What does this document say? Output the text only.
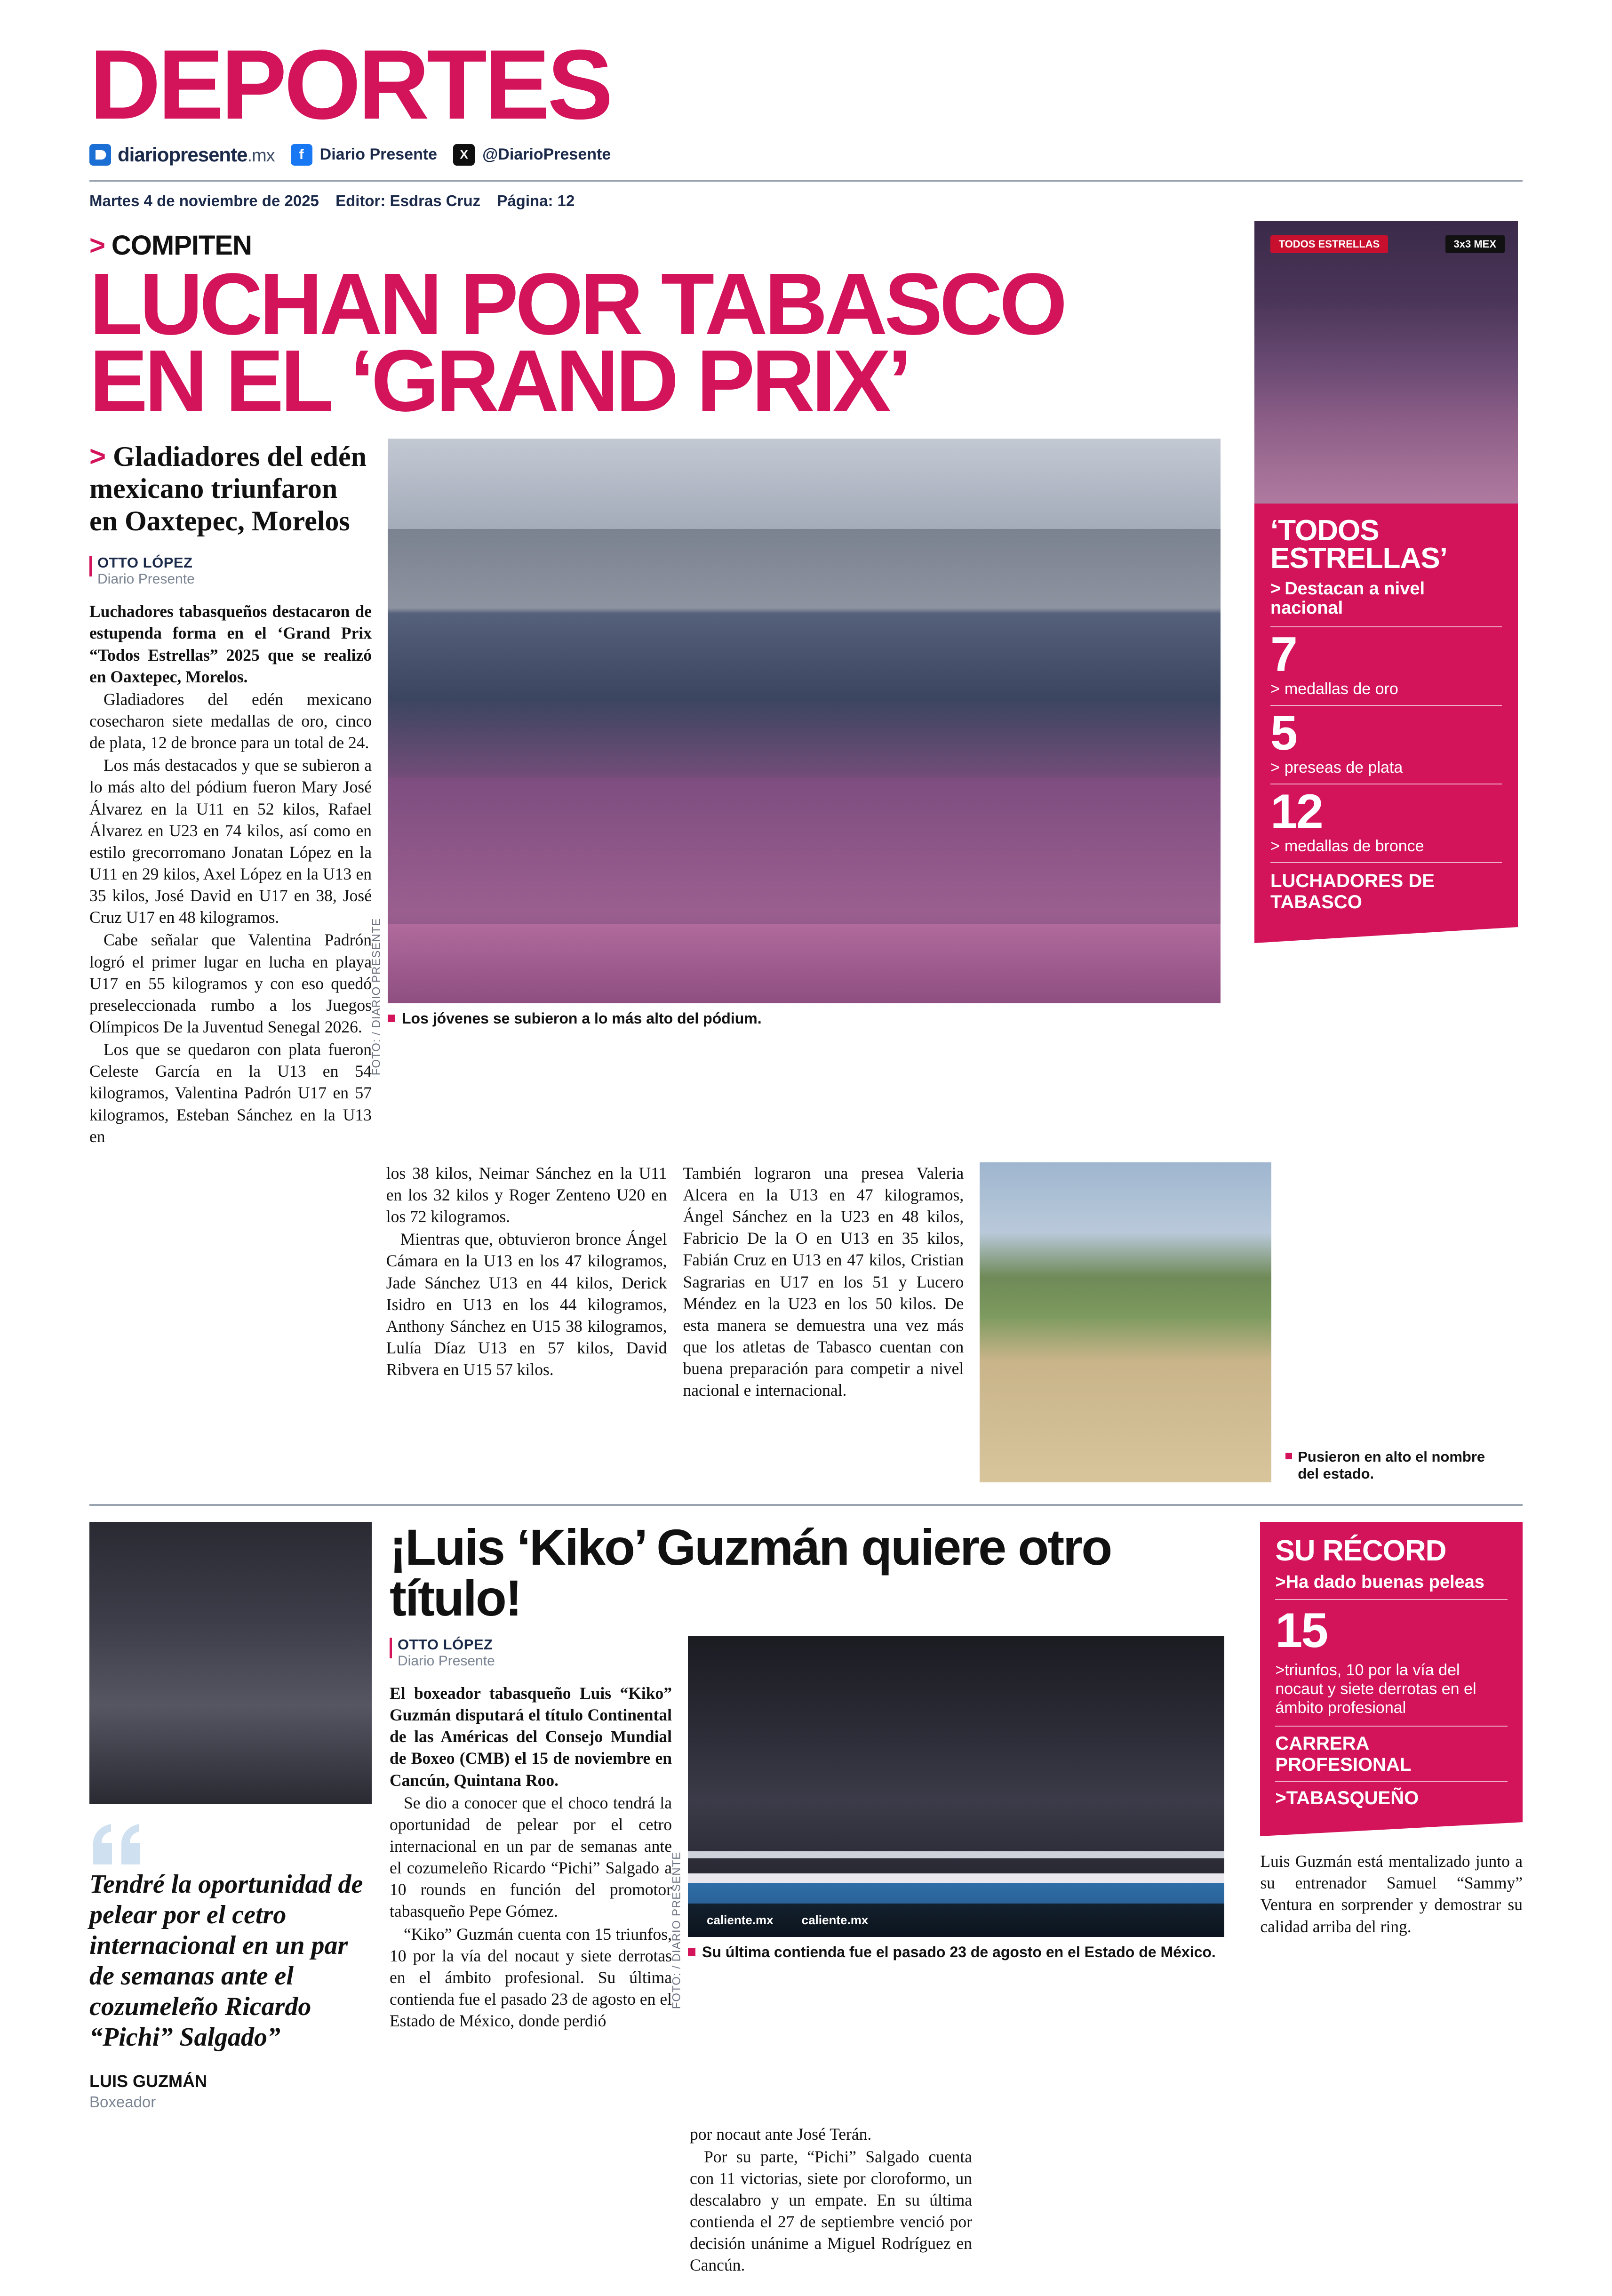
DEPORTES
diariopresente.mx	f	Diario Presente	X @DiarioPresente
Martes 4 de noviembre de 2025 Editor: Esdras Cruz Página: 12
> COMPITEN
LUCHAN POR TABASCO
EN EL ‘GRAND PRIX’
> Gladiadores del edén mexicano triunfaron en Oaxtepec, Morelos
OTTO LÓPEZ
Diario Presente

Luchadores tabasqueños destacaron de estupenda forma en el ‘Grand Prix “Todos Estrellas” 2025 que se realizó en Oaxtepec, Morelos.

Gladiadores del edén mexicano cosecharon siete medallas de oro, cinco de plata, 12 de bronce para un total de 24.

Los más destacados y que se subieron a lo más alto del pódium fueron Mary José Álvarez en la U11 en 52 kilos, Rafael Álvarez en U23 en 74 kilos, así como en estilo grecorromano Jonatan López en la U11 en 29 kilos, Axel López en la U13 en 35 kilos, José David en U17 en 38, José Cruz U17 en 48 kilogramos.

Cabe señalar que Valentina Padrón logró el primer lugar en lucha en playa U17 en 55 kilogramos y con eso quedó preseleccionada rumbo a los Juegos Olímpicos De la Juventud Senegal 2026.

Los que se quedaron con plata fueron Celeste García en la U13 en 54 kilogramos, Valentina Padrón U17 en 57 kilogramos, Esteban Sánchez en la U13 en

FOTO: / DIARIO PRESENTE Los jóvenes se subieron a lo más alto del pódium.
TODOS ESTRELLAS	3x3 MEX
‘TODOS
ESTRELLAS’
> Destacan a nivel nacional
7
> medallas de oro
5
> preseas de plata
12
> medallas de bronce
LUCHADORES DE TABASCO

los 38 kilos, Neimar Sánchez en la U11 en los 32 kilos y Roger Zenteno U20 en los 72 kilogramos.

Mientras que, obtuvieron bronce Ángel Cámara en la U13 en los 47 kilogramos, Jade Sánchez U13 en 44 kilos, Derick Isidro en U13 en los 44 kilogramos, Anthony Sánchez en U15 38 kilogramos, Lulía Díaz U13 en 57 kilos, David Ribvera en U15 57 kilos.

También lograron una presea Valeria Alcera en la U13 en 47 kilogramos, Ángel Sánchez en la U23 en 48 kilos, Fabricio De la O en U13 en 35 kilos, Fabián Cruz en U13 en 47 kilos, Cristian Sagrarias en U17 en los 51 y Lucero Méndez en la U23 en los 50 kilos. De esta manera se demuestra una vez más que los atletas de Tabasco cuentan con buena preparación para competir a nivel nacional e internacional.

Pusieron en alto el nombre del estado.
Tendré la oportunidad de pelear por el cetro internacional en un par de semanas ante el cozumeleño Ricardo “Pichi” Salgado”
LUIS GUZMÁN
Boxeador
¡Luis ‘Kiko’ Guzmán quiere otro título!
OTTO LÓPEZ
Diario Presente

El boxeador tabasqueño Luis “Kiko” Guzmán disputará el título Continental de las Américas del Consejo Mundial de Boxeo (CMB) el 15 de noviembre en Cancún, Quintana Roo.

Se dio a conocer que el choco tendrá la oportunidad de pelear por el cetro internacional en un par de semanas ante el cozumeleño Ricardo “Pichi” Salgado a 10 rounds en función del promotor tabasqueño Pepe Gómez.

“Kiko” Guzmán cuenta con 15 triunfos, 10 por la vía del nocaut y siete derrotas en el ámbito profesional. Su última contienda fue el pasado 23 de agosto en el Estado de México, donde perdió

caliente.mx caliente.mx
FOTO: / DIARIO PRESENTE Su última contienda fue el pasado 23 de agosto en el Estado de México.
SU RÉCORD
>Ha dado buenas peleas
15
>triunfos, 10 por la vía del nocaut y siete derrotas en el ámbito profesional
CARRERA PROFESIONAL
>TABASQUEÑO

Luis Guzmán está mentalizado junto a su entrenador Samuel “Sammy” Ventura en sorprender y demostrar su calidad arriba del ring.

por nocaut ante José Terán.

Por su parte, “Pichi” Salgado cuenta con 11 victorias, siete por cloroformo, un descalabro y un empate. En su última contienda el 27 de septiembre venció por decisión unánime a Miguel Rodríguez en Cancún.
